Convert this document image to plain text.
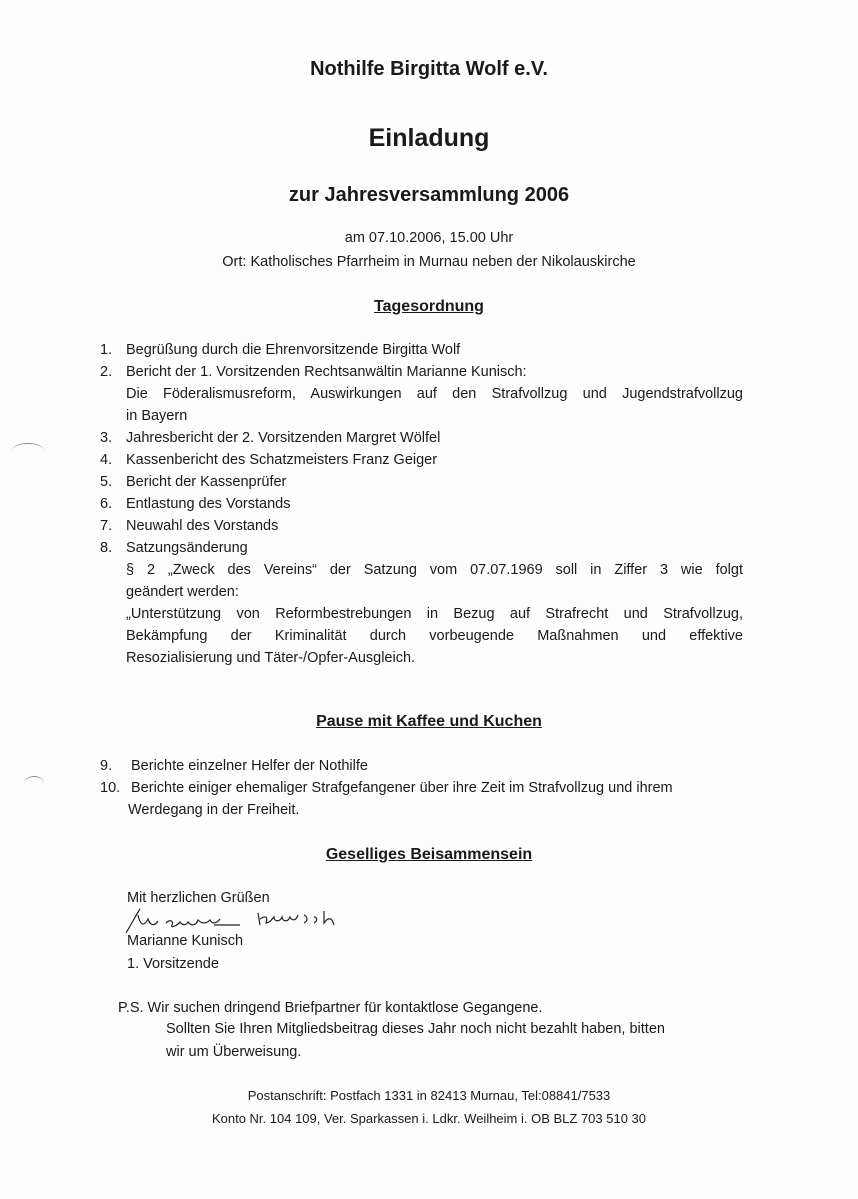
Nothilfe Birgitta Wolf e.V.
Einladung
zur Jahresversammlung 2006
am 07.10.2006, 15.00 Uhr
Ort: Katholisches Pfarrheim in Murnau neben der Nikolauskirche
Tagesordnung
1. Begrüßung durch die Ehrenvorsitzende Birgitta Wolf
2. Bericht der 1. Vorsitzenden Rechtsanwältin Marianne Kunisch:
Die Föderalismusreform, Auswirkungen auf den Strafvollzug und Jugendstrafvollzug
in Bayern
3. Jahresbericht der 2. Vorsitzenden Margret Wölfel
4. Kassenbericht des Schatzmeisters Franz Geiger
5. Bericht der Kassenprüfer
6. Entlastung des Vorstands
7. Neuwahl des Vorstands
8. Satzungsänderung
§ 2 „Zweck des Vereins“ der Satzung vom 07.07.1969 soll in Ziffer 3 wie folgt
geändert werden:
„Unterstützung von Reformbestrebungen in Bezug auf Strafrecht und Strafvollzug,
Bekämpfung der Kriminalität durch vorbeugende Maßnahmen und effektive
Resozialisierung und Täter-/Opfer-Ausgleich.
Pause mit Kaffee und Kuchen
9. Berichte einzelner Helfer der Nothilfe
10. Berichte einiger ehemaliger Strafgefangener über ihre Zeit im Strafvollzug und ihrem
Werdegang in der Freiheit.
Geselliges Beisammensein
Mit herzlichen Grüßen
Marianne Kunisch
1. Vorsitzende
P.S. Wir suchen dringend Briefpartner für kontaktlose Gegangene.
Sollten Sie Ihren Mitgliedsbeitrag dieses Jahr noch nicht bezahlt haben, bitten
wir um Überweisung.
Postanschrift: Postfach 1331 in 82413 Murnau, Tel:08841/7533
Konto Nr. 104 109, Ver. Sparkassen i. Ldkr. Weilheim i. OB BLZ 703 510 30
